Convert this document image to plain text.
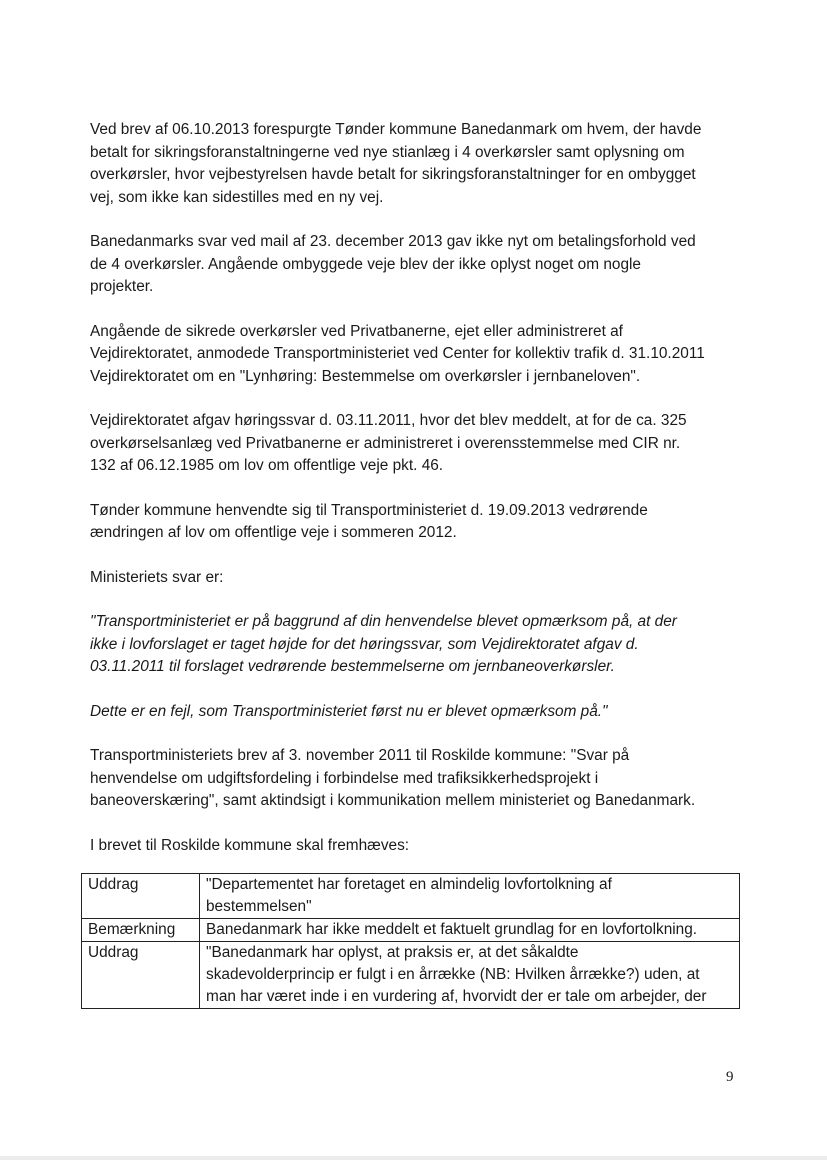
Ved brev af 06.10.2013 forespurgte Tønder kommune Banedanmark om hvem, der havde
betalt for sikringsforanstaltningerne ved nye stianlæg i 4 overkørsler samt oplysning om
overkørsler, hvor vejbestyrelsen havde betalt for sikringsforanstaltninger for en ombygget
vej, som ikke kan sidestilles med en ny vej.

Banedanmarks svar ved mail af 23. december 2013 gav ikke nyt om betalingsforhold ved
de 4 overkørsler. Angående ombyggede veje blev der ikke oplyst noget om nogle
projekter.

Angående de sikrede overkørsler ved Privatbanerne, ejet eller administreret af
Vejdirektoratet, anmodede Transportministeriet ved Center for kollektiv trafik d. 31.10.2011
Vejdirektoratet om en "Lynhøring: Bestemmelse om overkørsler i jernbaneloven".

Vejdirektoratet afgav høringssvar d. 03.11.2011, hvor det blev meddelt, at for de ca. 325
overkørselsanlæg ved Privatbanerne er administreret i overensstemmelse med CIR nr.
132 af 06.12.1985 om lov om offentlige veje pkt. 46.

Tønder kommune henvendte sig til Transportministeriet d. 19.09.2013 vedrørende
ændringen af lov om offentlige veje i sommeren 2012.

Ministeriets svar er:

"Transportministeriet er på baggrund af din henvendelse blevet opmærksom på, at der
ikke i lovforslaget er taget højde for det høringssvar, som Vejdirektoratet afgav d.
03.11.2011 til forslaget vedrørende bestemmelserne om jernbaneoverkørsler.

Dette er en fejl, som Transportministeriet først nu er blevet opmærksom på."

Transportministeriets brev af 3. november 2011 til Roskilde kommune: "Svar på
henvendelse om udgiftsfordeling i forbindelse med trafiksikkerhedsprojekt i
baneoverskæring", samt aktindsigt i kommunikation mellem ministeriet og Banedanmark.

I brevet til Roskilde kommune skal fremhæves:

Uddrag	"Departementet har foretaget en almindelig lovfortolkning af
bestemmelsen"
Bemærkning	Banedanmark har ikke meddelt et faktuelt grundlag for en lovfortolkning.
Uddrag	"Banedanmark har oplyst, at praksis er, at det såkaldte
skadevolderprincip er fulgt i en årrække (NB: Hvilken årrække?) uden, at
man har været inde i en vurdering af, hvorvidt der er tale om arbejder, der
9
